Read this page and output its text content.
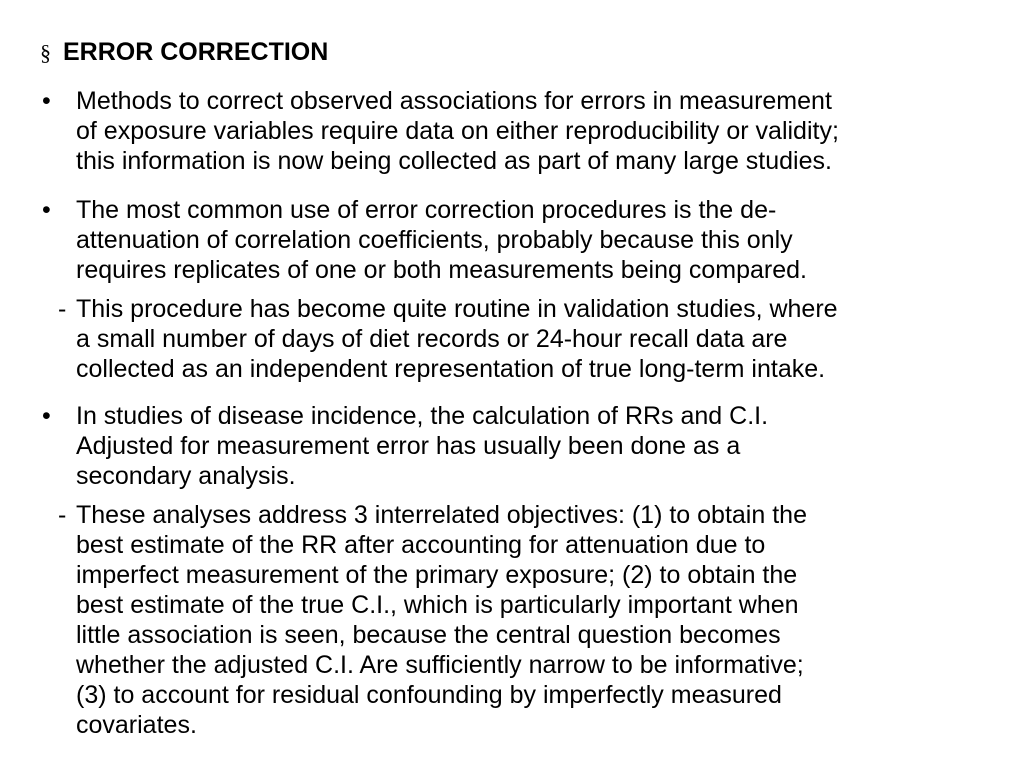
§ ERROR CORRECTION
• Methods to correct observed associations for errors in measurement
of exposure variables require data on either reproducibility or validity;
this information is now being collected as part of many large studies.
• The most common use of error correction procedures is the de-
attenuation of correlation coefficients, probably because this only
requires replicates of one or both measurements being compared.
- This procedure has become quite routine in validation studies, where
a small number of days of diet records or 24-hour recall data are
collected as an independent representation of true long-term intake.
• In studies of disease incidence, the calculation of RRs and C.I.
Adjusted for measurement error has usually been done as a
secondary analysis.
- These analyses address 3 interrelated objectives: (1) to obtain the
best estimate of the RR after accounting for attenuation due to
imperfect measurement of the primary exposure; (2) to obtain the
best estimate of the true C.I., which is particularly important when
little association is seen, because the central question becomes
whether the adjusted C.I. Are sufficiently narrow to be informative;
(3) to account for residual confounding by imperfectly measured
covariates.
